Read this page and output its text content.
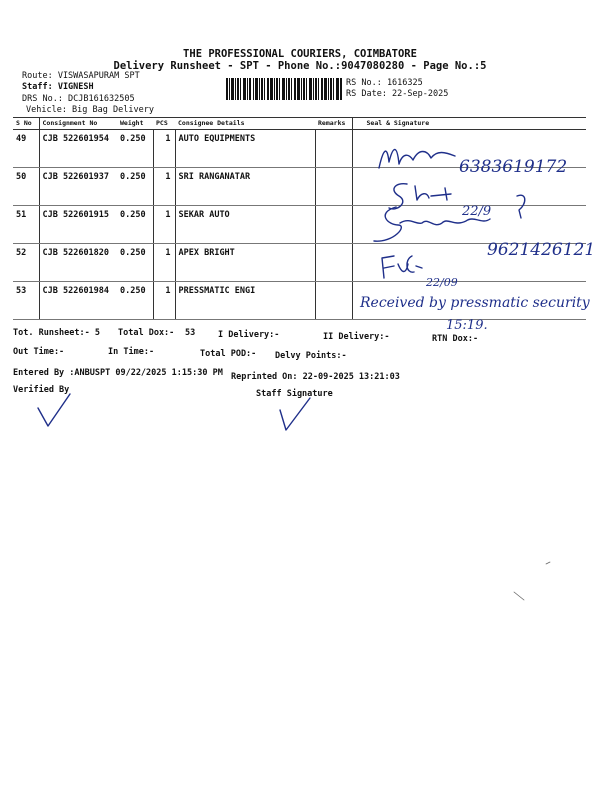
THE PROFESSIONAL COURIERS, COIMBATORE
Delivery Runsheet - SPT - Phone No.:9047080280 - Page No.:5
Route: VISWASAPURAM SPT
Staff: VIGNESH
DRS No.: DCJB161632505
Vehicle: Big Bag Delivery
RS No.: 1616325
RS Date: 22-Sep-2025
S No	Consignment No	Weight	PCS	Consignee Details	Remarks	Seal & Signature
49	CJB 522601954	0.250	1	AUTO EQUIPMENTS		
50	CJB 522601937	0.250	1	SRI RANGANATAR		
51	CJB 522601915	0.250	1	SEKAR AUTO		
52	CJB 522601820	0.250	1	APEX BRIGHT		
53	CJB 522601984	0.250	1	PRESSMATIC ENGI		
6383619172
22/9
9621426121
22/09
Received by pressmatic security
15:19.
Tot. Runsheet:- 5 Total Dox:- 53	I Delivery:-	II Delivery:-	RTN Dox:-
Out Time:-	In Time:-	Total POD:- Delvy Points:-
Entered By :ANBUSPT 09/22/2025 1:15:30 PM Reprinted On: 22-09-2025 13:21:03
Verified By	Staff Signature
